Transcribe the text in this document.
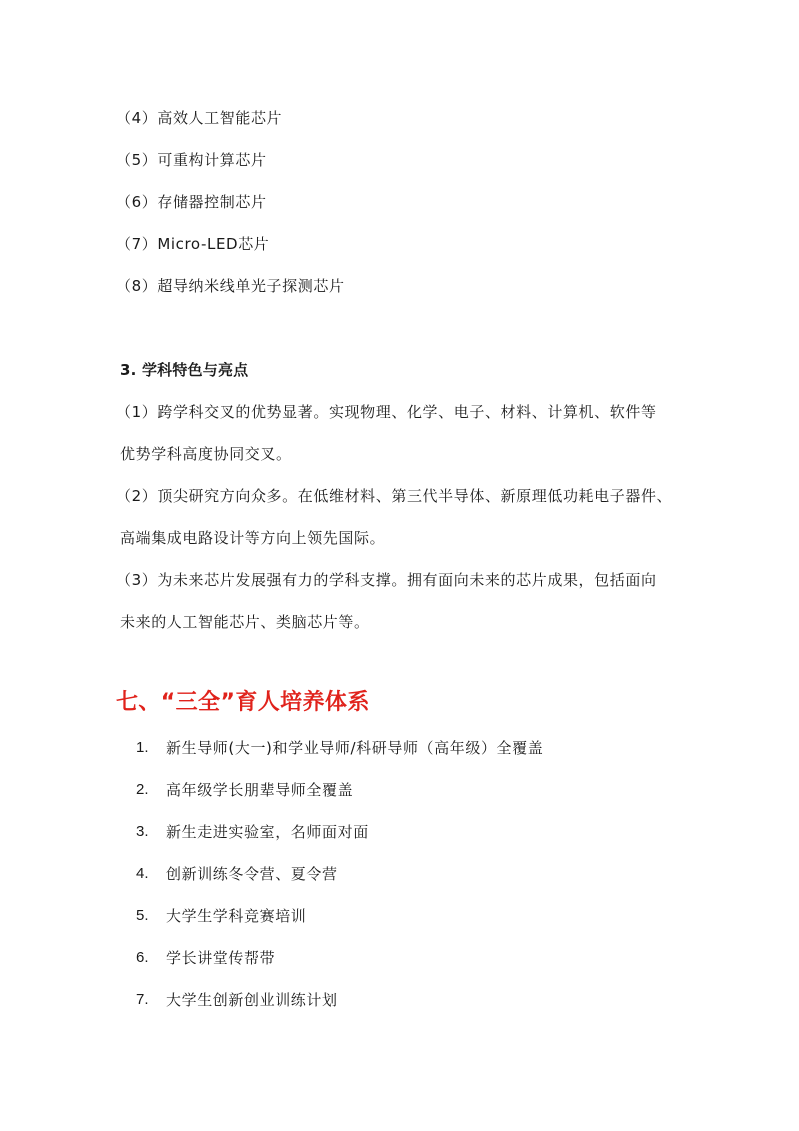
（4）高效人工智能芯片
（5）可重构计算芯片
（6）存储器控制芯片
（7）Micro-LED芯片
（8）超导纳米线单光子探测芯片
3. 学科特色与亮点
（1）跨学科交叉的优势显著。实现物理、化学、电子、材料、计算机、软件等
优势学科高度协同交叉。
（2）顶尖研究方向众多。在低维材料、第三代半导体、新原理低功耗电子器件、
高端集成电路设计等方向上领先国际。
（3）为未来芯片发展强有力的学科支撑。拥有面向未来的芯片成果，包括面向
未来的人工智能芯片、类脑芯片等。
七、“三全”育人培养体系
1. 新生导师(大一)和学业导师/科研导师（高年级）全覆盖
2. 高年级学长朋辈导师全覆盖
3. 新生走进实验室，名师面对面
4. 创新训练冬令营、夏令营
5. 大学生学科竞赛培训
6. 学长讲堂传帮带
7. 大学生创新创业训练计划
